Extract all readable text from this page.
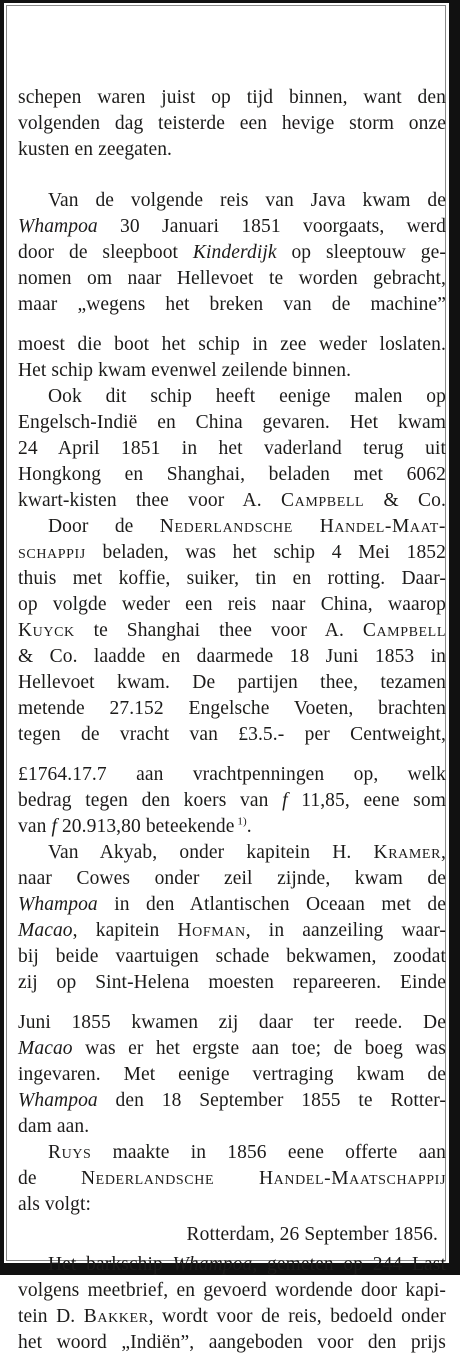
schepen waren juist op tijd binnen, want den
volgenden dag teisterde een hevige storm onze
kusten en zeegaten.
Van de volgende reis van Java kwam de
Whampoa 30 Januari 1851 voorgaats, werd
door de sleepboot Kinderdijk op sleeptouw ge-
nomen om naar Hellevoet te worden gebracht,
maar „wegens het breken van de machine”
moest die boot het schip in zee weder loslaten.
Het schip kwam evenwel zeilende binnen.
Ook dit schip heeft eenige malen op
Engelsch-Indië en China gevaren. Het kwam
24 April 1851 in het vaderland terug uit
Hongkong en Shanghai, beladen met 6062
kwart-kisten thee voor A. Campbell & Co.
Door de Nederlandsche Handel-Maat-
schappij beladen, was het schip 4 Mei 1852
thuis met koffie, suiker, tin en rotting. Daar-
op volgde weder een reis naar China, waarop
Kuyck te Shanghai thee voor A. Campbell
& Co. laadde en daarmede 18 Juni 1853 in
Hellevoet kwam. De partijen thee, tezamen
metende 27.152 Engelsche Voeten, brachten
tegen de vracht van £3.5.- per Centweight,
£1764.17.7 aan vrachtpenningen op, welk
bedrag tegen den koers van f 11,85, eene som
van f 20.913,80 beteekende $^{1)}$.
Van Akyab, onder kapitein H. Kramer,
naar Cowes onder zeil zijnde, kwam de
Whampoa in den Atlantischen Oceaan met de
Macao, kapitein Hofman, in aanzeiling waar-
bij beide vaartuigen schade bekwamen, zoodat
zij op Sint-Helena moesten repareeren. Einde
Juni 1855 kwamen zij daar ter reede. De
Macao was er het ergste aan toe; de boeg was
ingevaren. Met eenige vertraging kwam de
Whampoa den 18 September 1855 te Rotter-
dam aan.
Ruys maakte in 1856 eene offerte aan
de Nederlandsche Handel-Maatschappij
als volgt:
Rotterdam, 26 September 1856.
Het barkschip Whampoa, gemeten op 244 Last
volgens meetbrief, en gevoerd wordende door kapi-
tein D. Bakker, wordt voor de reis, bedoeld onder
het woord „Indiën”, aangeboden voor den prijs
